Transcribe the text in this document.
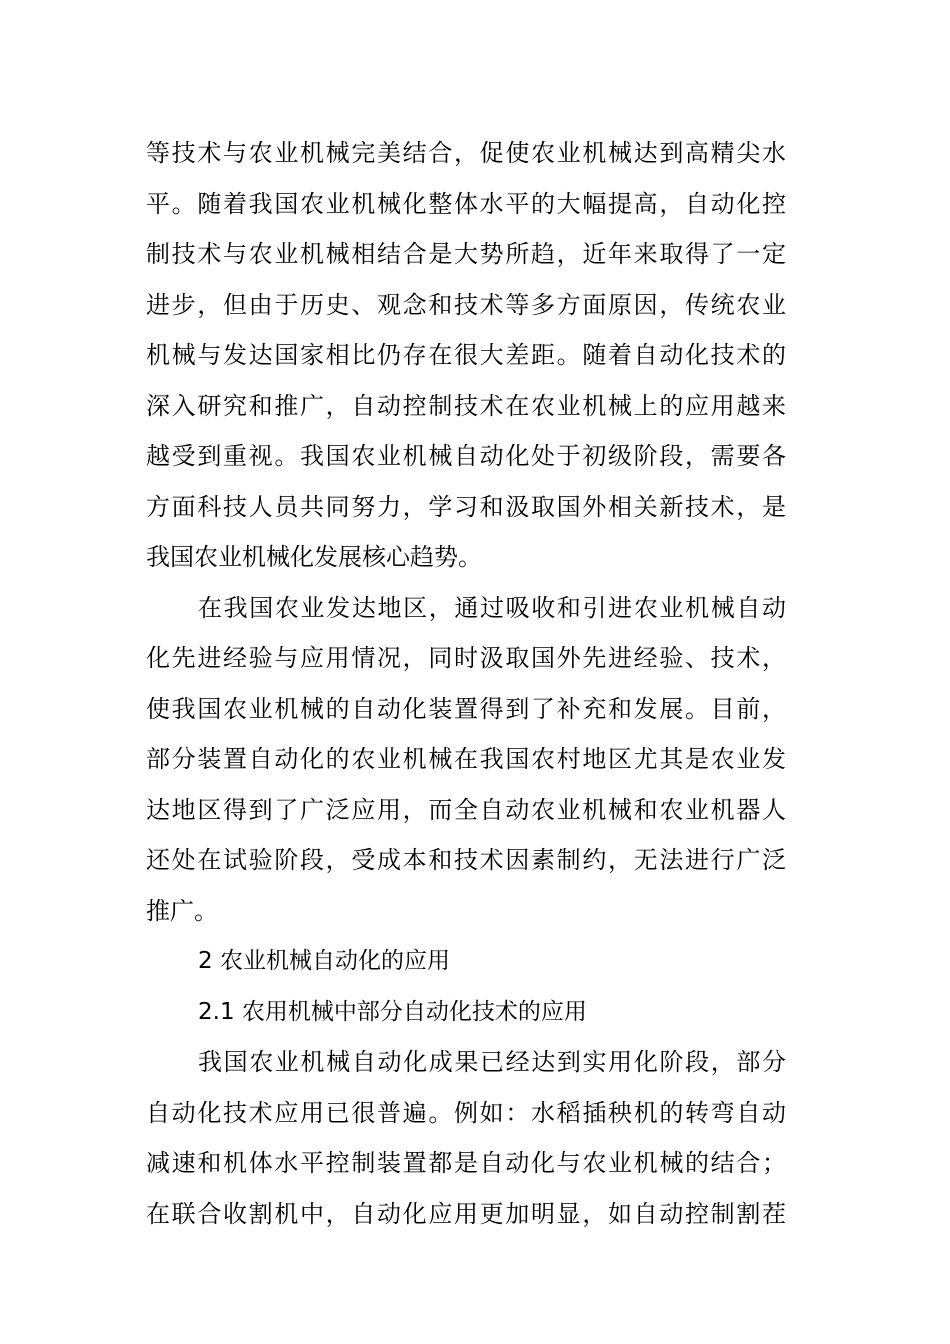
等技术与农业机械完美结合，促使农业机械达到高精尖水
平。随着我国农业机械化整体水平的大幅提高，自动化控
制技术与农业机械相结合是大势所趋，近年来取得了一定
进步，但由于历史、观念和技术等多方面原因，传统农业
机械与发达国家相比仍存在很大差距。随着自动化技术的
深入研究和推广，自动控制技术在农业机械上的应用越来
越受到重视。我国农业机械自动化处于初级阶段，需要各
方面科技人员共同努力，学习和汲取国外相关新技术，是
我国农业机械化发展核心趋势。
在我国农业发达地区，通过吸收和引进农业机械自动
化先进经验与应用情况，同时汲取国外先进经验、技术，
使我国农业机械的自动化装置得到了补充和发展。目前，
部分装置自动化的农业机械在我国农村地区尤其是农业发
达地区得到了广泛应用，而全自动农业机械和农业机器人
还处在试验阶段，受成本和技术因素制约，无法进行广泛
推广。
2 农业机械自动化的应用
2.1 农用机械中部分自动化技术的应用
我国农业机械自动化成果已经达到实用化阶段，部分
自动化技术应用已很普遍。例如：水稻插秧机的转弯自动
减速和机体水平控制装置都是自动化与农业机械的结合；
在联合收割机中，自动化应用更加明显，如自动控制割茬
